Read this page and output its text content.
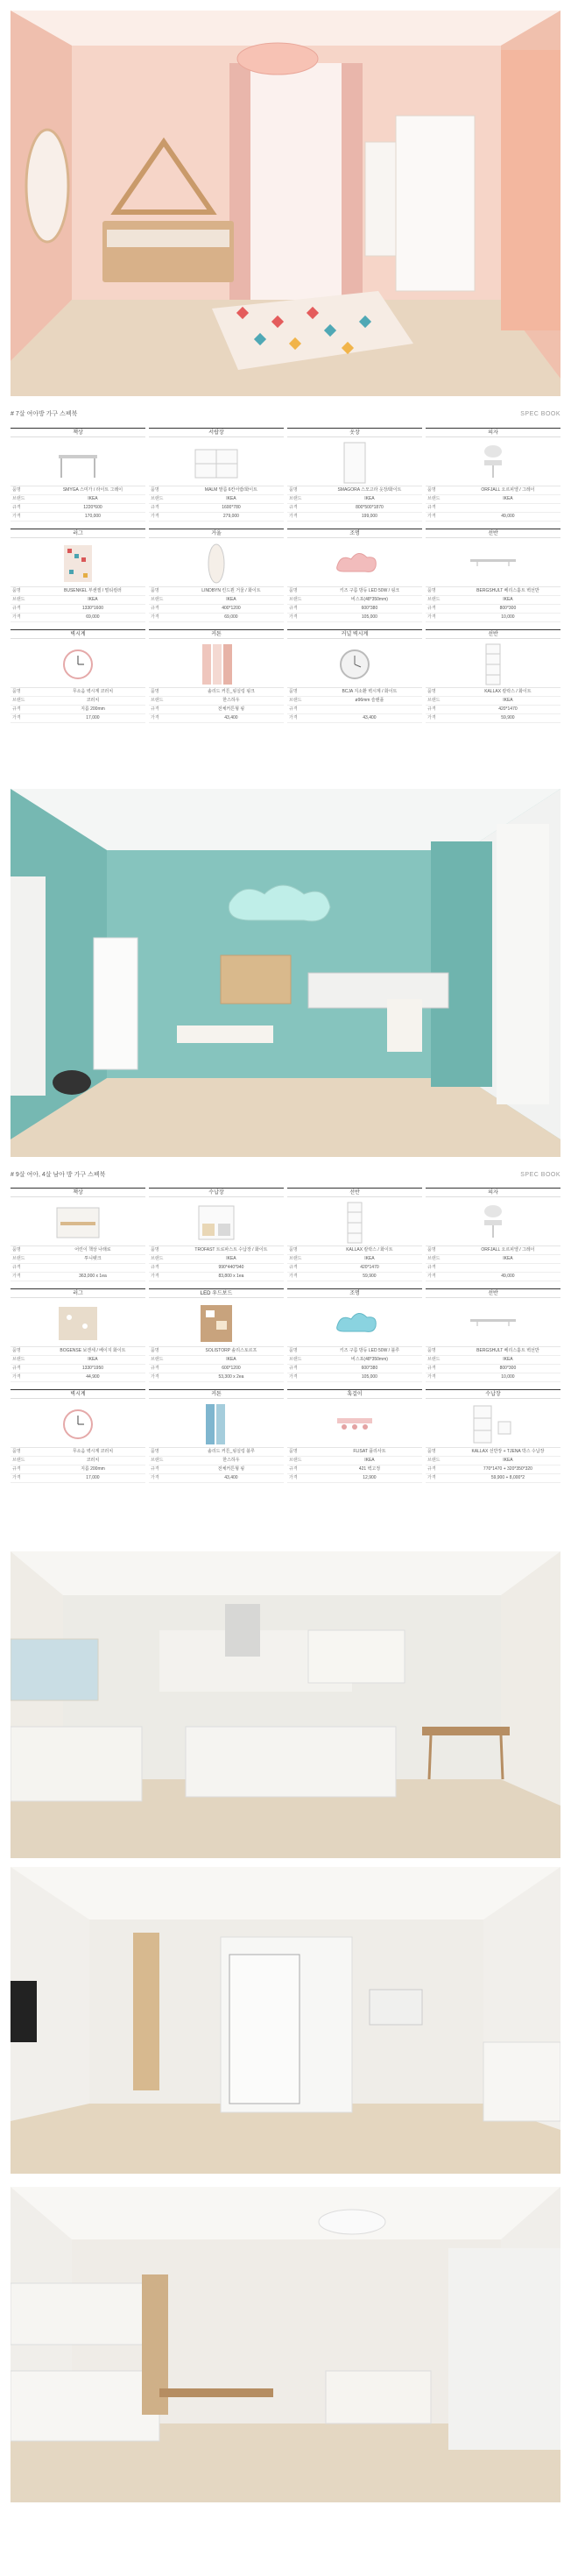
# 7살 여아방 가구 스펙북	SPEC BOOK
책상
품명	SMYGA 스미가 / 라이트 그레이
브랜드	IKEA
규격	1220*600
가격	170,000
서랍장
품명	MALM 말름 6칸서랍/화이트
브랜드	IKEA
규격	1600*780
가격	279,000
옷장
품명	SMAGORA 스모고라 옷장/화이트
브랜드	IKEA
규격	800*500*1870
가격	199,000
의자
품명	ORFJALL 오르피엘 / 그레이
브랜드	IKEA
규격
가격	49,000
러그
품명	BUSENKEL 부센켈 / 멀티컬러
브랜드	IKEA
규격	1330*1600
가격	69,000
거울
품명	LINDBYN 린드뷘 거울 / 화이트
브랜드	IKEA
규격	400*1200
가격	69,000
조명
품명	키즈 구름 방등 LED 50W / 핑크
브랜드	비스포(48*350mm)
규격	600*380
가격	105,000
선반
품명	BERGSHULT 베리스훌트 벽선반
브랜드	IKEA
규격	800*300
가격	10,000
벽시계
품명	무소음 벽시계 코러치
브랜드	코러치
규격	지름 200mm
가격	17,000
커튼
품명	솔리드 커튼_핑실링 핑크
브랜드	한스하우
규격	전체커튼형 핑
가격	43,400
커널 벽시계
품명	BCJA 지소환 벽시계 / 화이트
브랜드	ø96mm 슬랜플
규격
가격	43,400
선반
품명	KALLAX 칼락스 / 화이트
브랜드	IKEA
규격	420*1470
가격	59,900
# 9살 여아, 4살 남아 방 가구 스펙북	SPEC BOOK
책상
품명	어린이 책상 나래로
브랜드	투니펫크
규격
가격	363,000 x 1ea
수납장
품명	TROFAST 트로파스트 수납장 / 화이트
브랜드	IKEA
규격	990*440*940
가격	83,800 x 1ea
선반
품명	KALLAX 칼락스 / 화이트
브랜드	IKEA
규격	420*1470
가격	59,900
의자
품명	ORFJALL 오르피엘 / 그레이
브랜드	IKEA
규격
가격	49,000
러그
품명	BOGENSE 보겐세 / 베이지 화이트
브랜드	IKEA
규격	1330*1950
가격	44,900
LED 우드보드
품명	SOLISTORP 솔리스토르프
브랜드	IKEA
규격	600*1200
가격	53,300 x 2ea
조명
품명	키즈 구름 방등 LED 50W / 블루
브랜드	비스포(48*350mm)
규격	600*380
가격	105,000
선반
품명	BERGSHULT 베리스훌트 벽선반
브랜드	IKEA
규격	800*300
가격	10,000
벽시계
품명	무소음 벽시계 코러치
브랜드	코러치
규격	지름 200mm
가격	17,000
커튼
품명	솔리드 커튼_핑실링 블루
브랜드	한스하우
규격	전체커튼형 핑
가격	43,400
훅걸이
품명	FLISAT 플리사트
브랜드	IKEA
규격	421 벽고정
가격	12,900
수납장
품명	KALLAX 선반장 + TJENA 박스 수납장
브랜드	IKEA
규격	770*1470 + 320*350*320
가격	59,900 + 8,000*2
